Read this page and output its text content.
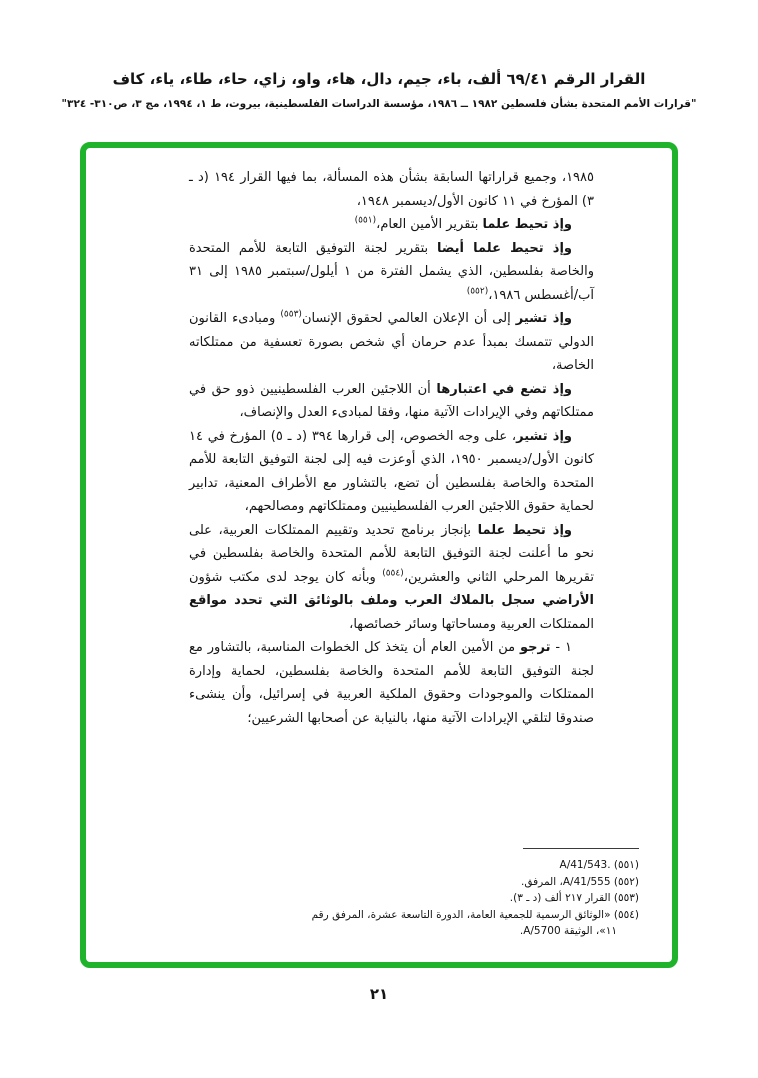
القرار الرقم ٦٩/٤١ ألف، باء، جيم، دال، هاء، واو، زاي، حاء، طاء، ياء، كاف
"قرارات الأمم المتحدة بشأن فلسطين ١٩٨٢ ــ ١٩٨٦، مؤسسة الدراسات الفلسطينية، بيروت، ط ١، ١٩٩٤، مج ٣، ص٣١٠- ٣٢٤"
١٩٨٥، وجميع قراراتها السابقة بشأن هذه المسألة، بما فيها القرار ١٩٤ (د ـ ٣) المؤرخ في ١١ كانون الأول/ديسمبر ١٩٤٨،
وإذ تحيط علما بتقرير الأمين العام،$^{(٥٥١)}$
وإذ تحيط علما أيضا بتقرير لجنة التوفيق التابعة للأمم المتحدة والخاصة بفلسطين، الذي يشمل الفترة من ١ أيلول/سبتمبر ١٩٨٥ إلى ٣١ آب/أغسطس ١٩٨٦،$^{(٥٥٢)}$
وإذ تشير إلى أن الإعلان العالمي لحقوق الإنسان$^{(٥٥٣)}$ ومبادىء القانون الدولي تتمسك بمبدأ عدم حرمان أي شخص بصورة تعسفية من ممتلكاته الخاصة،
وإذ تضع في اعتبارها أن اللاجئين العرب الفلسطينيين ذوو حق في ممتلكاتهم وفي الإيرادات الآتية منها، وفقا لمبادىء العدل والإنصاف،
وإذ تشير، على وجه الخصوص، إلى قرارها ٣٩٤ (د ـ ٥) المؤرخ في ١٤ كانون الأول/ديسمبر ١٩٥٠، الذي أوعزت فيه إلى لجنة التوفيق التابعة للأمم المتحدة والخاصة بفلسطين أن تضع، بالتشاور مع الأطراف المعنية، تدابير لحماية حقوق اللاجئين العرب الفلسطينيين وممتلكاتهم ومصالحهم،
وإذ تحيط علما بإنجاز برنامج تحديد وتقييم الممتلكات العربية، على نحو ما أعلنت لجنة التوفيق التابعة للأمم المتحدة والخاصة بفلسطين في تقريرها المرحلي الثاني والعشرين،$^{(٥٥٤)}$ وبأنه كان يوجد لدى مكتب شؤون الأراضي سجل بالملاك العرب وملف بالوثائق التي تحدد مواقع الممتلكات العربية ومساحاتها وسائر خصائصها،
١ - ترجو من الأمين العام أن يتخذ كل الخطوات المناسبة، بالتشاور مع لجنة التوفيق التابعة للأمم المتحدة والخاصة بفلسطين، لحماية وإدارة الممتلكات والموجودات وحقوق الملكية العربية في إسرائيل، وأن ينشىء صندوقا لتلقي الإيرادات الآتية منها، بالنيابة عن أصحابها الشرعيين؛
(٥٥١) A/41/543.
(٥٥٢) A/41/555، المرفق.
(٥٥٣) القرار ٢١٧ ألف (د ـ ٣).
(٥٥٤) «الوثائق الرسمية للجمعية العامة، الدورة التاسعة عشرة، المرفق رقم ١١»، الوثيقة A/5700.
٢١
